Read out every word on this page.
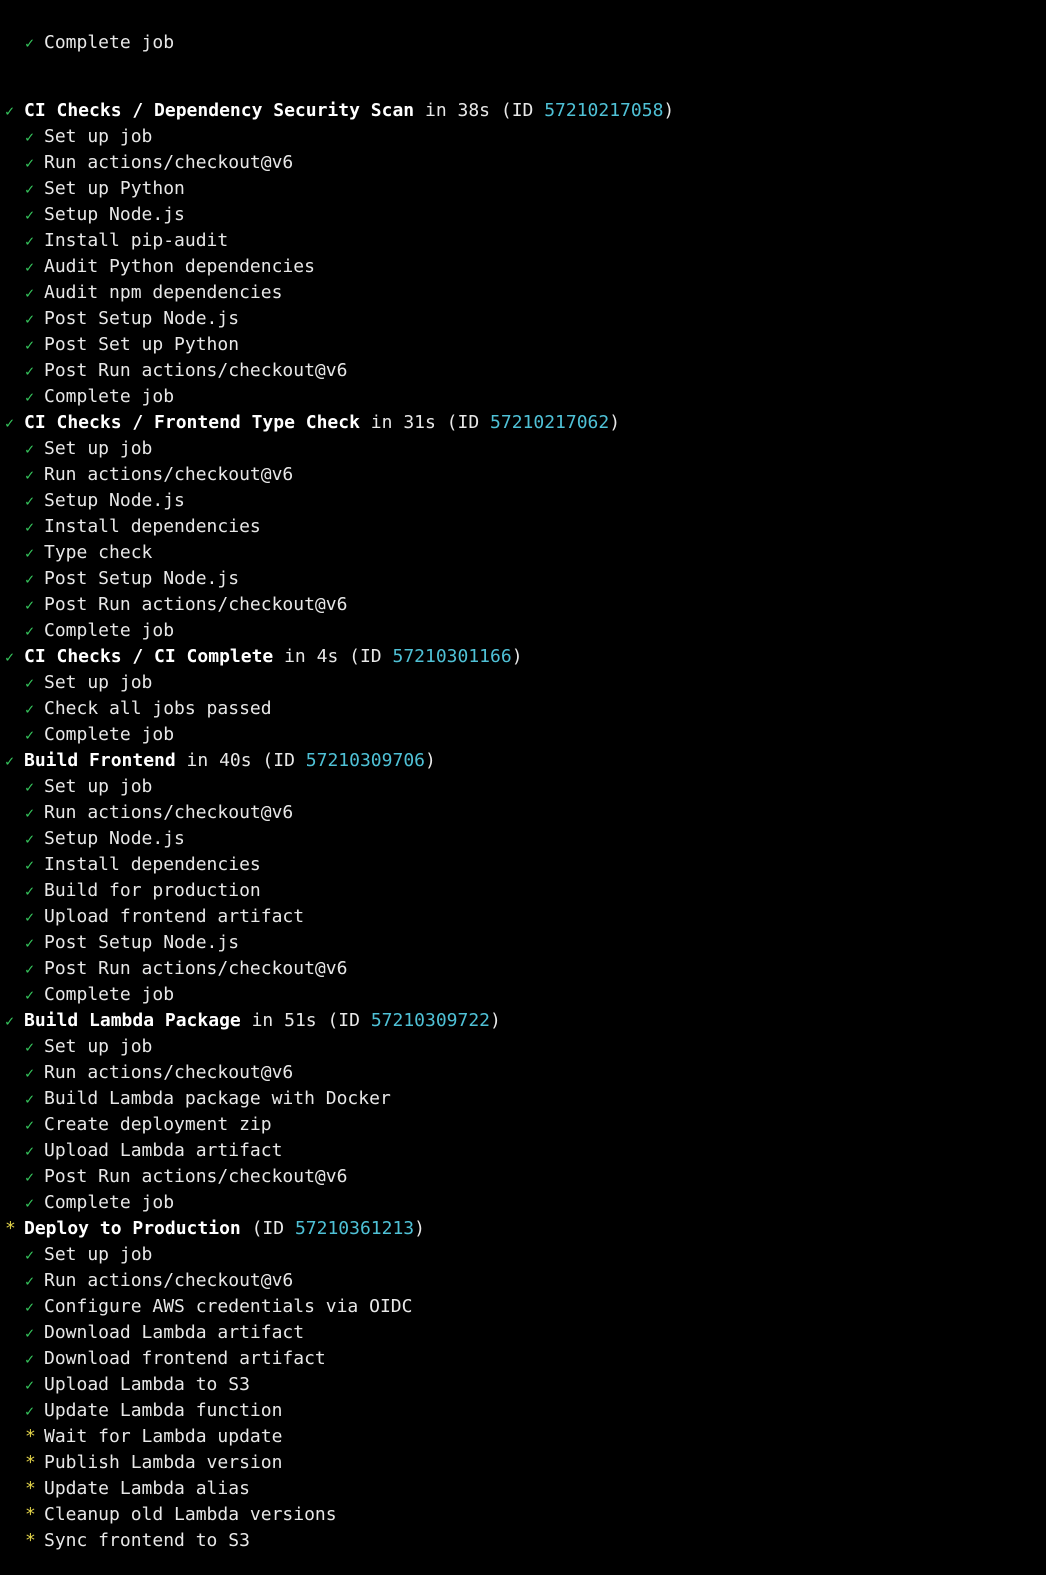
✓

Complete job

✓ CI Checks / Dependency Security Scan in 38s (ID 57210217058)
✓ Set up job
✓ Run actions/checkout@v6
✓ Set up Python
✓ Setup Node.js
✓ Install pip-audit
✓ Audit Python dependencies
✓ Audit npm dependencies
✓ Post Setup Node.js
✓ Post Set up Python
✓ Post Run actions/checkout@v6
✓ Complete job
✓ CI Checks / Frontend Type Check in 31s (ID 57210217062)
✓ Set up job
✓ Run actions/checkout@v6
✓ Setup Node.js
✓ Install dependencies
✓ Type check
✓ Post Setup Node.js
✓ Post Run actions/checkout@v6
✓ Complete job
✓ CI Checks / CI Complete in 4s (ID 57210301166)
✓ Set up job
✓ Check all jobs passed
✓ Complete job
✓ Build Frontend in 40s (ID 57210309706)
✓ Set up job
✓ Run actions/checkout@v6
✓ Setup Node.js
✓ Install dependencies
✓ Build for production
✓ Upload frontend artifact
✓ Post Setup Node.js
✓ Post Run actions/checkout@v6
✓ Complete job
✓ Build Lambda Package in 51s (ID 57210309722)
✓ Set up job
✓ Run actions/checkout@v6
✓ Build Lambda package with Docker
✓ Create deployment zip
✓ Upload Lambda artifact
✓ Post Run actions/checkout@v6
✓ Complete job
* Deploy to Production (ID 57210361213)
✓ Set up job
✓ Run actions/checkout@v6
✓ Configure AWS credentials via OIDC
✓ Download Lambda artifact
✓ Download frontend artifact
✓ Upload Lambda to S3
✓ Update Lambda function
* Wait for Lambda update
* Publish Lambda version
* Update Lambda alias
* Cleanup old Lambda versions
* Sync frontend to S3
